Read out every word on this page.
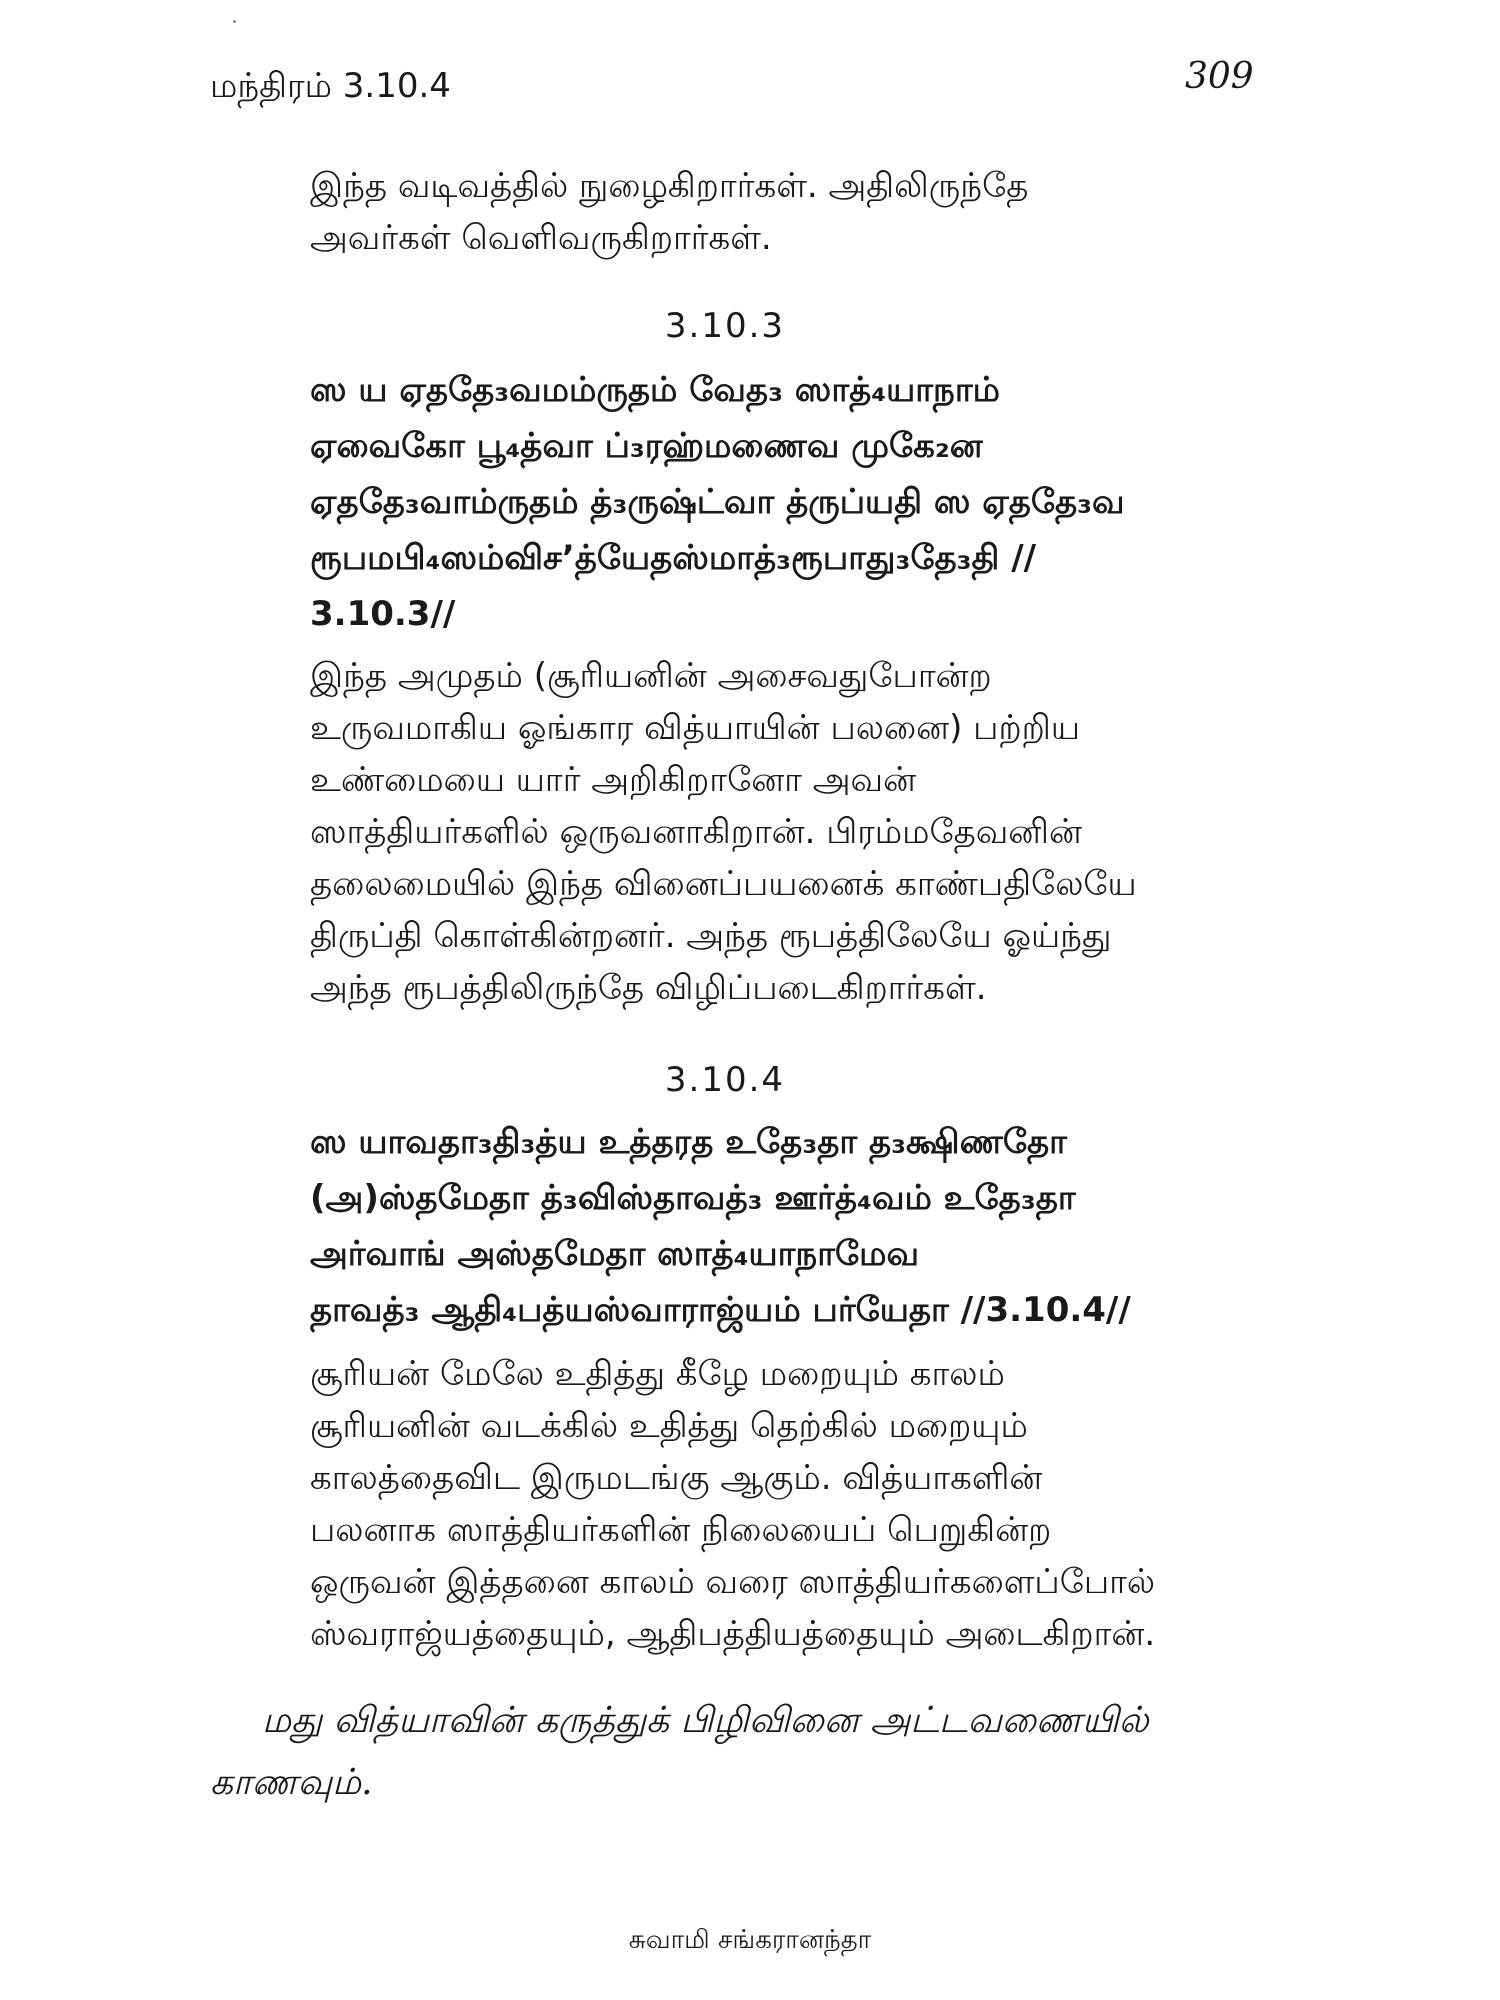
மந்திரம் 3.10.4	309
இந்த வடிவத்தில் நுழைகிறார்கள். அதிலிருந்தே
அவர்கள் வெளிவருகிறார்கள்.
3.10.3
ஸ ய ஏததே₃வமம்ருதம் வேத₃ ஸாத்₄யாநாம்
ஏவைகோ பூ₄த்வா ப்₃ரஹ்மணைவ முகே₂ன
ஏததே₃வாம்ருதம் த்₃ருஷ்ட்வா த்ருப்யதி ஸ ஏததே₃வ
ரூபமபி₄ஸம்விச’த்யேதஸ்மாத்₃ரூபாது₃தே₃தி //
3.10.3//
இந்த அமுதம் (சூரியனின் அசைவதுபோன்ற
உருவமாகிய ஓங்கார வித்யாயின் பலனை) பற்றிய
உண்மையை யார் அறிகிறானோ அவன்
ஸாத்தியர்களில் ஒருவனாகிறான். பிரம்மதேவனின்
தலைமையில் இந்த வினைப்பயனைக் காண்பதிலேயே
திருப்தி கொள்கின்றனர். அந்த ரூபத்திலேயே ஓய்ந்து
அந்த ரூபத்திலிருந்தே விழிப்படைகிறார்கள்.
3.10.4
ஸ யாவதா₃தி₃த்ய உத்தரத உதே₃தா த₃க்ஷிணதோ
(அ)ஸ்தமேதா த்₃விஸ்தாவத்₃ ஊர்த்₄வம் உதே₃தா
அர்வாங் அஸ்தமேதா ஸாத்₄யாநாமேவ
தாவத்₃ ஆதி₄பத்யஸ்வாராஜ்யம் பர்யேதா //3.10.4//
சூரியன் மேலே உதித்து கீழே மறையும் காலம்
சூரியனின் வடக்கில் உதித்து தெற்கில் மறையும்
காலத்தைவிட இருமடங்கு ஆகும். வித்யாகளின்
பலனாக ஸாத்தியர்களின் நிலையைப் பெறுகின்ற
ஒருவன் இத்தனை காலம் வரை ஸாத்தியர்களைப்போல்
ஸ்வராஜ்யத்தையும், ஆதிபத்தியத்தையும் அடைகிறான்.
மது வித்யாவின் கருத்துக் பிழிவினை அட்டவணையில்
காணவும்.
சுவாமி சங்கரானந்தா
